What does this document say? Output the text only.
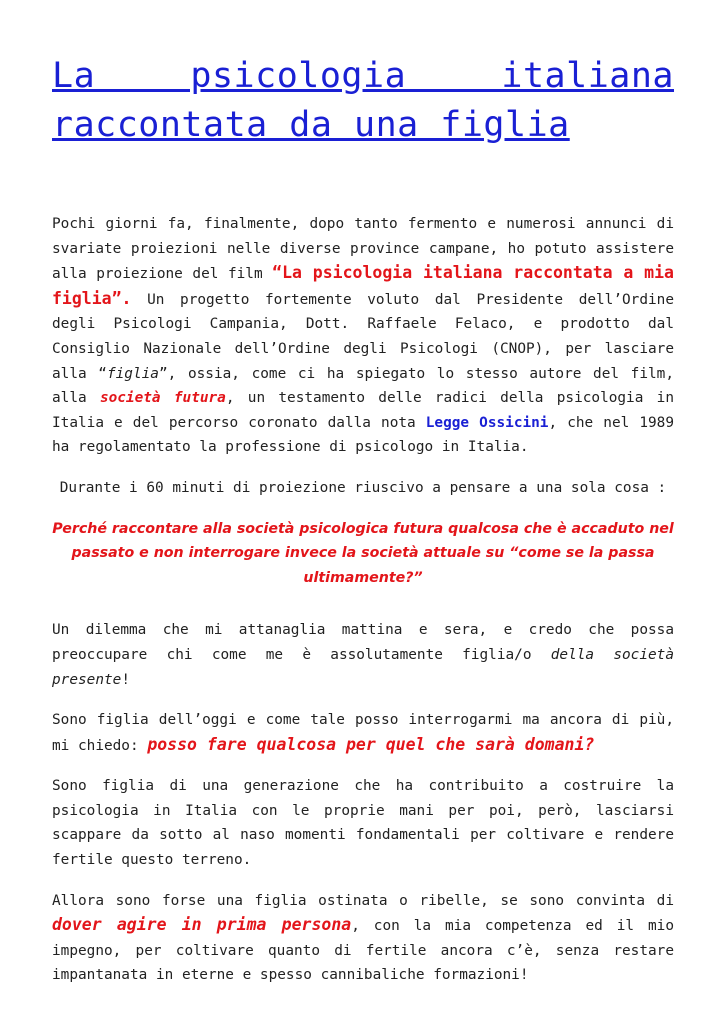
La psicologia italiana raccontata da una figlia

Pochi giorni fa, finalmente, dopo tanto fermento e numerosi annunci di svariate proiezioni nelle diverse province campane, ho potuto assistere alla proiezione del film “La psicologia italiana raccontata a mia figlia”. Un progetto fortemente voluto dal Presidente dell’Ordine degli Psicologi Campania, Dott. Raffaele Felaco, e prodotto dal Consiglio Nazionale dell’Ordine degli Psicologi (CNOP), per lasciare alla “figlia”, ossia, come ci ha spiegato lo stesso autore del film, alla società futura, un testamento delle radici della psicologia in Italia e del percorso coronato dalla nota Legge Ossicini, che nel 1989 ha regolamentato la professione di psicologo in Italia.

Durante i 60 minuti di proiezione riuscivo a pensare a una sola cosa :

Perché raccontare alla società psicologica futura qualcosa che è accaduto nel passato e non interrogare invece la società attuale su “come se la passa ultimamente?”

Un dilemma che mi attanaglia mattina e sera, e credo che possa preoccupare chi come me è assolutamente figlia/o della società presente!

Sono figlia dell’oggi e come tale posso interrogarmi ma ancora di più, mi chiedo: posso fare qualcosa per quel che sarà domani?

Sono figlia di una generazione che ha contribuito a costruire la psicologia in Italia con le proprie mani per poi, però, lasciarsi scappare da sotto al naso momenti fondamentali per coltivare e rendere fertile questo terreno.

Allora sono forse una figlia ostinata o ribelle, se sono convinta di dover agire in prima persona, con la mia competenza ed il mio impegno, per coltivare quanto di fertile ancora c’è, senza restare impantanata in eterne e spesso cannibaliche formazioni!
